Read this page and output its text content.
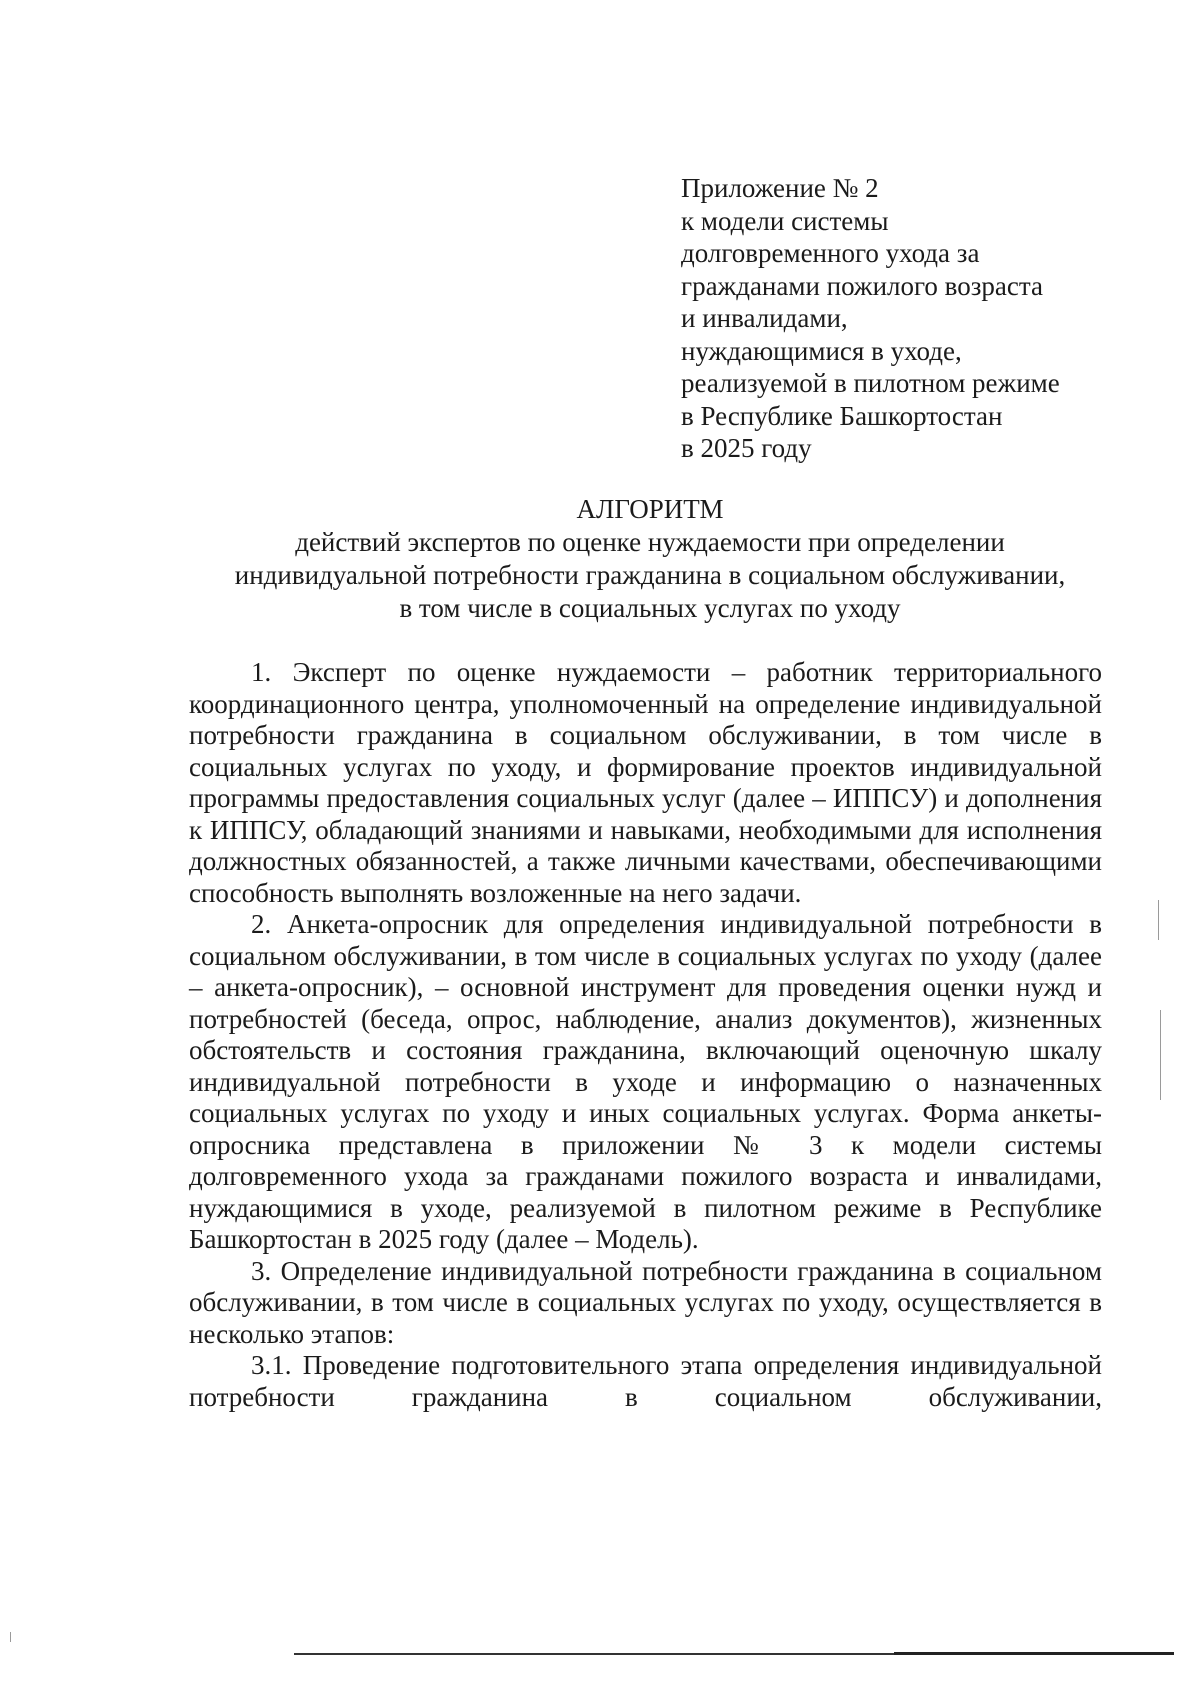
Приложение № 2
к модели системы
долговременного ухода за
гражданами пожилого возраста
и инвалидами,
нуждающимися в уходе,
реализуемой в пилотном режиме
в Республике Башкортостан
в 2025 году
АЛГОРИТМ
действий экспертов по оценке нуждаемости при определении
индивидуальной потребности гражданина в социальном обслуживании,
в том числе в социальных услугах по уходу

1. Эксперт по оценке нуждаемости – работник территориального координационного центра, уполномоченный на определение индивидуальной потребности гражданина в социальном обслуживании, в том числе в социальных услугах по уходу, и формирование проектов индивидуальной программы предоставления социальных услуг (далее – ИППСУ) и дополнения к ИППСУ, обладающий знаниями и навыками, необходимыми для исполнения должностных обязанностей, а также личными качествами, обеспечивающими способность выполнять возложенные на него задачи.

2. Анкета-опросник для определения индивидуальной потребности в социальном обслуживании, в том числе в социальных услугах по уходу (далее – анкета-опросник), – основной инструмент для проведения оценки нужд и потребностей (беседа, опрос, наблюдение, анализ документов), жизненных обстоятельств и состояния гражданина, включающий оценочную шкалу индивидуальной потребности в уходе и информацию о назначенных социальных услугах по уходу и иных социальных услугах. Форма анкеты-опросника представлена в приложении № 3 к модели системы долговременного ухода за гражданами пожилого возраста и инвалидами, нуждающимися в уходе, реализуемой в пилотном режиме в Республике Башкортостан в 2025 году (далее – Модель).

3. Определение индивидуальной потребности гражданина в социальном обслуживании, в том числе в социальных услугах по уходу, осуществляется в несколько этапов:

3.1. Проведение подготовительного этапа определения индивидуальной потребности гражданина в социальном обслуживании,
